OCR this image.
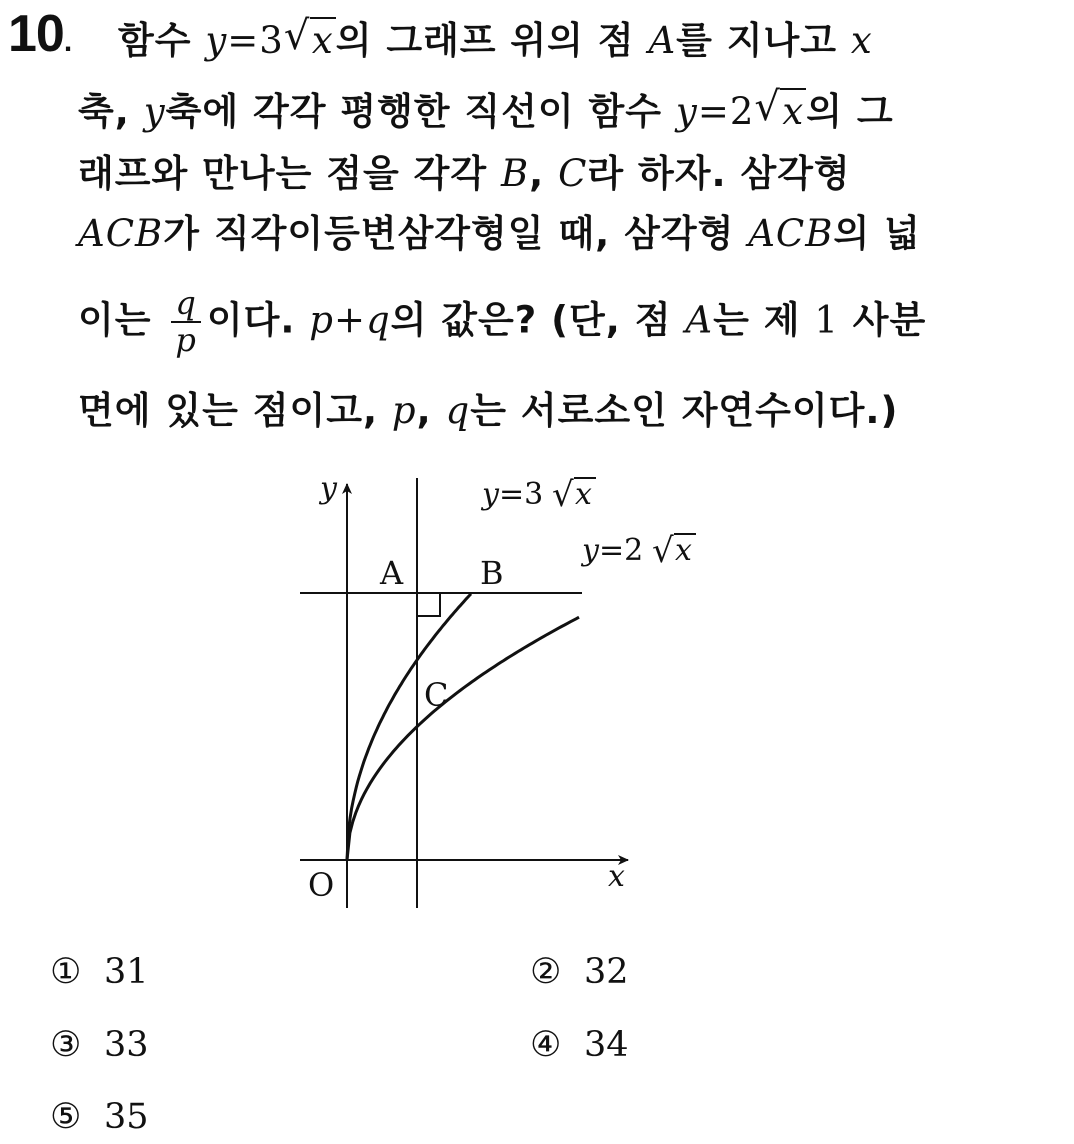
10. 함수 y=3 √ x의 그래프 위의 점 A를 지나고 x
축, y축에 각각 평행한 직선이 함수 y=2 √ x의 그
래프와 만나는 점을 각각 B, C라 하자. 삼각형
ACB가 직각이등변삼각형일 때, 삼각형 ACB의 넓
이는 $\frac{q}{p}$ 이다. p+q의 값은? (단, 점 A는 제 1 사분
면에 있는 점이고, p, q는 서로소인 자연수이다.)
y
x
O
A B
C
y=3 √ x
y=2 √ x
① 31	② 32
③ 33	④ 34
⑤ 35
